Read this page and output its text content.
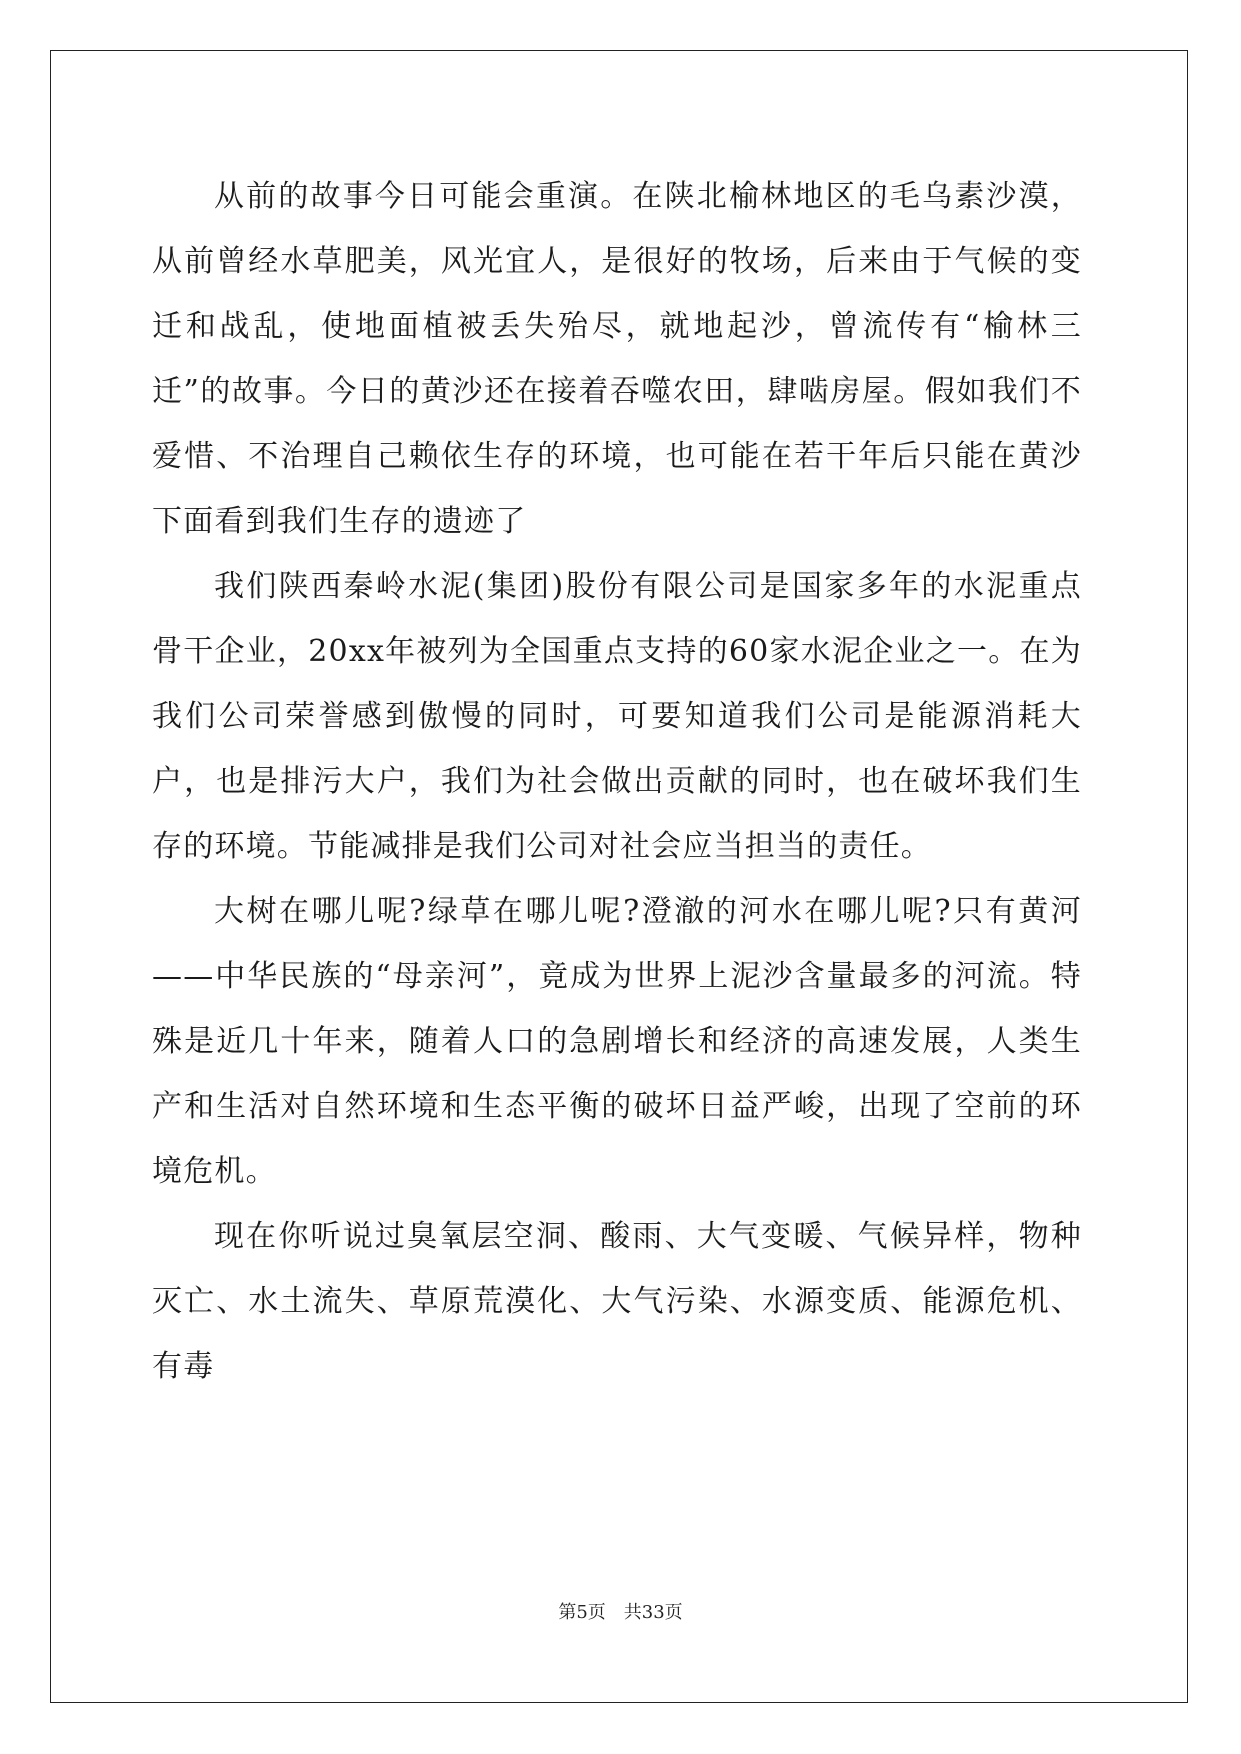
从前的故事今日可能会重演。在陕北榆林地区的毛乌素沙漠，从前曾经水草肥美，风光宜人，是很好的牧场，后来由于气候的变迁和战乱，使地面植被丢失殆尽，就地起沙，曾流传有“榆林三迁”的故事。今日的黄沙还在接着吞噬农田，肆啮房屋。假如我们不爱惜、不治理自己赖依生存的环境，也可能在若干年后只能在黄沙下面看到我们生存的遗迹了

我们陕西秦岭水泥(集团)股份有限公司是国家多年的水泥重点骨干企业，20xx年被列为全国重点支持的60家水泥企业之一。在为我们公司荣誉感到傲慢的同时，可要知道我们公司是能源消耗大户，也是排污大户，我们为社会做出贡献的同时，也在破坏我们生存的环境。节能减排是我们公司对社会应当担当的责任。

大树在哪儿呢?绿草在哪儿呢?澄澈的河水在哪儿呢?只有黄河——中华民族的“母亲河”，竟成为世界上泥沙含量最多的河流。特殊是近几十年来，随着人口的急剧增长和经济的高速发展，人类生产和生活对自然环境和生态平衡的破坏日益严峻，出现了空前的环境危机。

现在你听说过臭氧层空洞、酸雨、大气变暖、气候异样，物种灭亡、水土流失、草原荒漠化、大气污染、水源变质、能源危机、有毒

第5页 共33页
